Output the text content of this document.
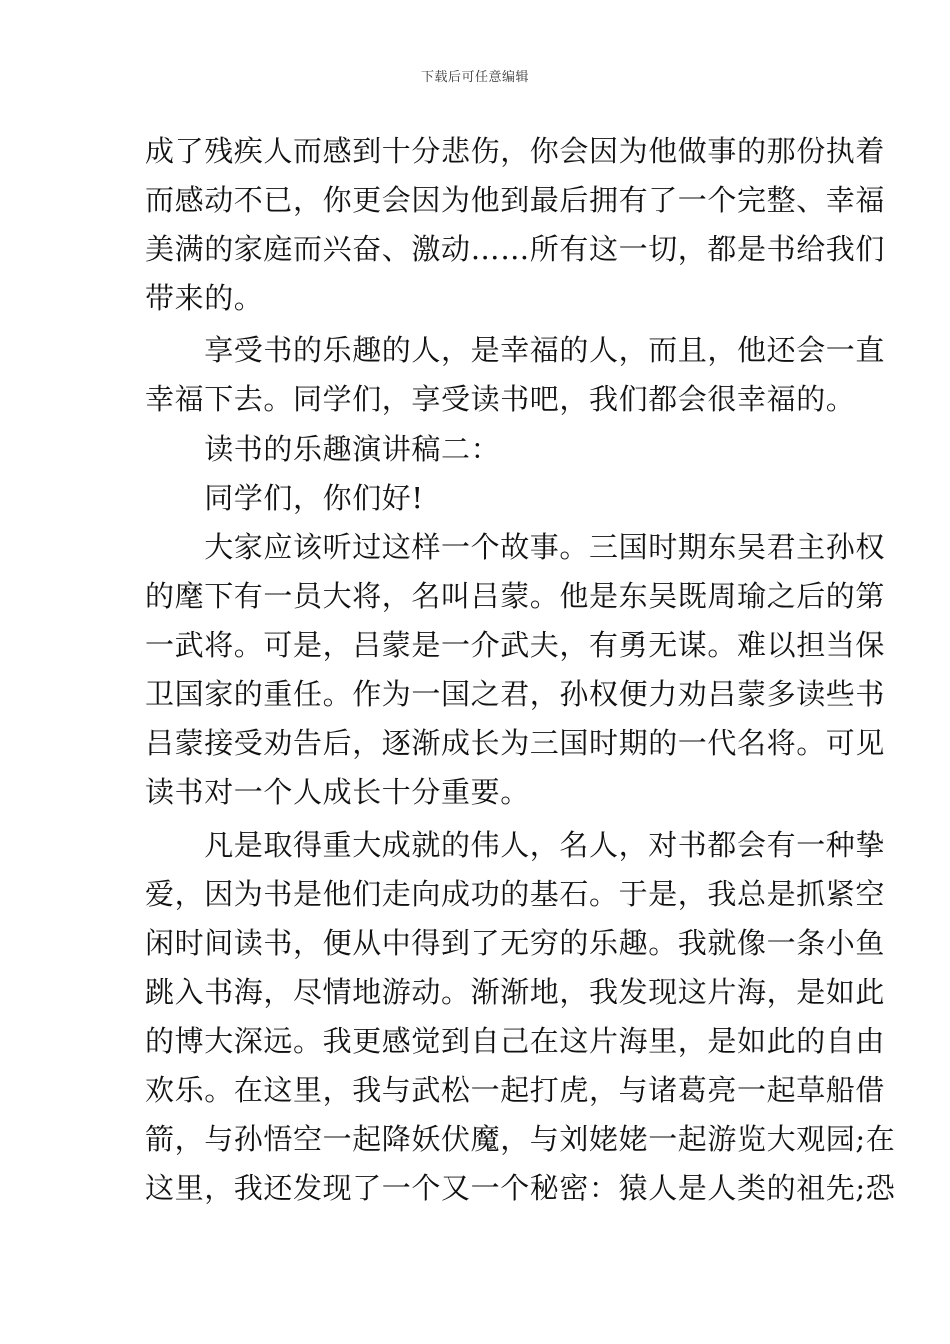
下载后可任意编辑
成了残疾人而感到十分悲伤，你会因为他做事的那份执着
而感动不已，你更会因为他到最后拥有了一个完整、幸福
美满的家庭而兴奋、激动……所有这一切，都是书给我们
带来的。
　　享受书的乐趣的人，是幸福的人，而且，他还会一直
幸福下去。同学们，享受读书吧，我们都会很幸福的。
　　读书的乐趣演讲稿二：
　　同学们，你们好!
　　大家应该听过这样一个故事。三国时期东吴君主孙权
的麾下有一员大将，名叫吕蒙。他是东吴既周瑜之后的第
一武将。可是，吕蒙是一介武夫，有勇无谋。难以担当保
卫国家的重任。作为一国之君，孙权便力劝吕蒙多读些书
吕蒙接受劝告后，逐渐成长为三国时期的一代名将。可见
读书对一个人成长十分重要。
　　凡是取得重大成就的伟人，名人，对书都会有一种挚
爱，因为书是他们走向成功的基石。于是，我总是抓紧空
闲时间读书，便从中得到了无穷的乐趣。我就像一条小鱼
跳入书海，尽情地游动。渐渐地，我发现这片海，是如此
的博大深远。我更感觉到自己在这片海里，是如此的自由
欢乐。在这里，我与武松一起打虎，与诸葛亮一起草船借
箭，与孙悟空一起降妖伏魔，与刘姥姥一起游览大观园;在
这里，我还发现了一个又一个秘密：猿人是人类的祖先;恐
